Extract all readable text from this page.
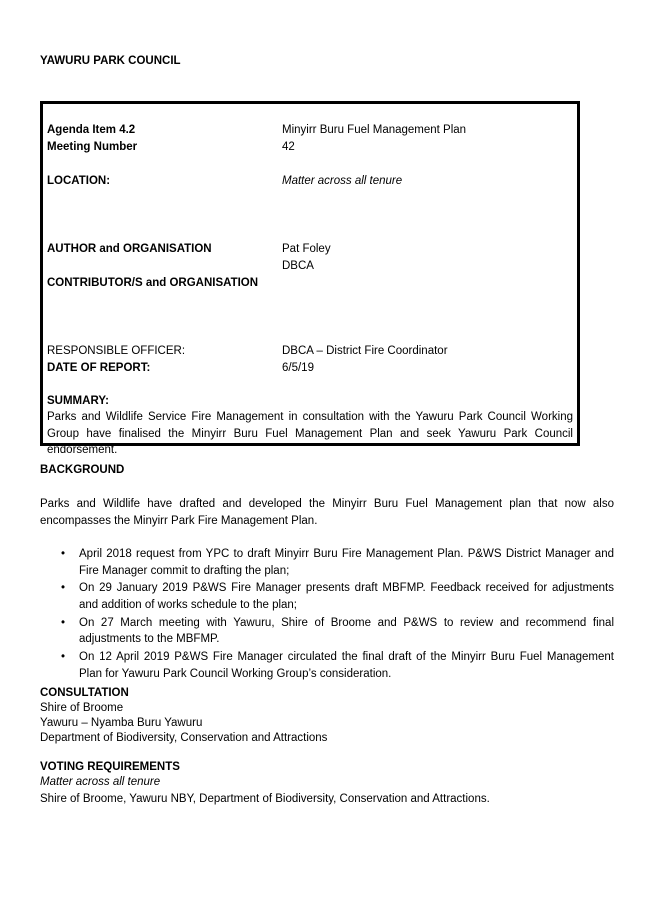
YAWURU PARK COUNCIL
Agenda Item 4.2	Minyirr Buru Fuel Management Plan
Meeting Number	42
LOCATION:	Matter across all tenure
AUTHOR and ORGANISATION	Pat Foley
DBCA
CONTRIBUTOR/S and ORGANISATION
RESPONSIBLE OFFICER:	DBCA – District Fire Coordinator
DATE OF REPORT:	6/5/19
SUMMARY:
Parks and Wildlife Service Fire Management in consultation with the Yawuru Park Council Working Group have finalised the Minyirr Buru Fuel Management Plan and seek Yawuru Park Council endorsement.
BACKGROUND
Parks and Wildlife have drafted and developed the Minyirr Buru Fuel Management plan that now also encompasses the Minyirr Park Fire Management Plan.
• April 2018 request from YPC to draft Minyirr Buru Fire Management Plan. P&WS District Manager and Fire Manager commit to drafting the plan;
• On 29 January 2019 P&WS Fire Manager presents draft MBFMP. Feedback received for adjustments and addition of works schedule to the plan;
• On 27 March meeting with Yawuru, Shire of Broome and P&WS to review and recommend final adjustments to the MBFMP.
• On 12 April 2019 P&WS Fire Manager circulated the final draft of the Minyirr Buru Fuel Management Plan for Yawuru Park Council Working Group’s consideration.
CONSULTATION
Shire of Broome
Yawuru – Nyamba Buru Yawuru
Department of Biodiversity, Conservation and Attractions
VOTING REQUIREMENTS
Matter across all tenure
Shire of Broome, Yawuru NBY, Department of Biodiversity, Conservation and Attractions.
